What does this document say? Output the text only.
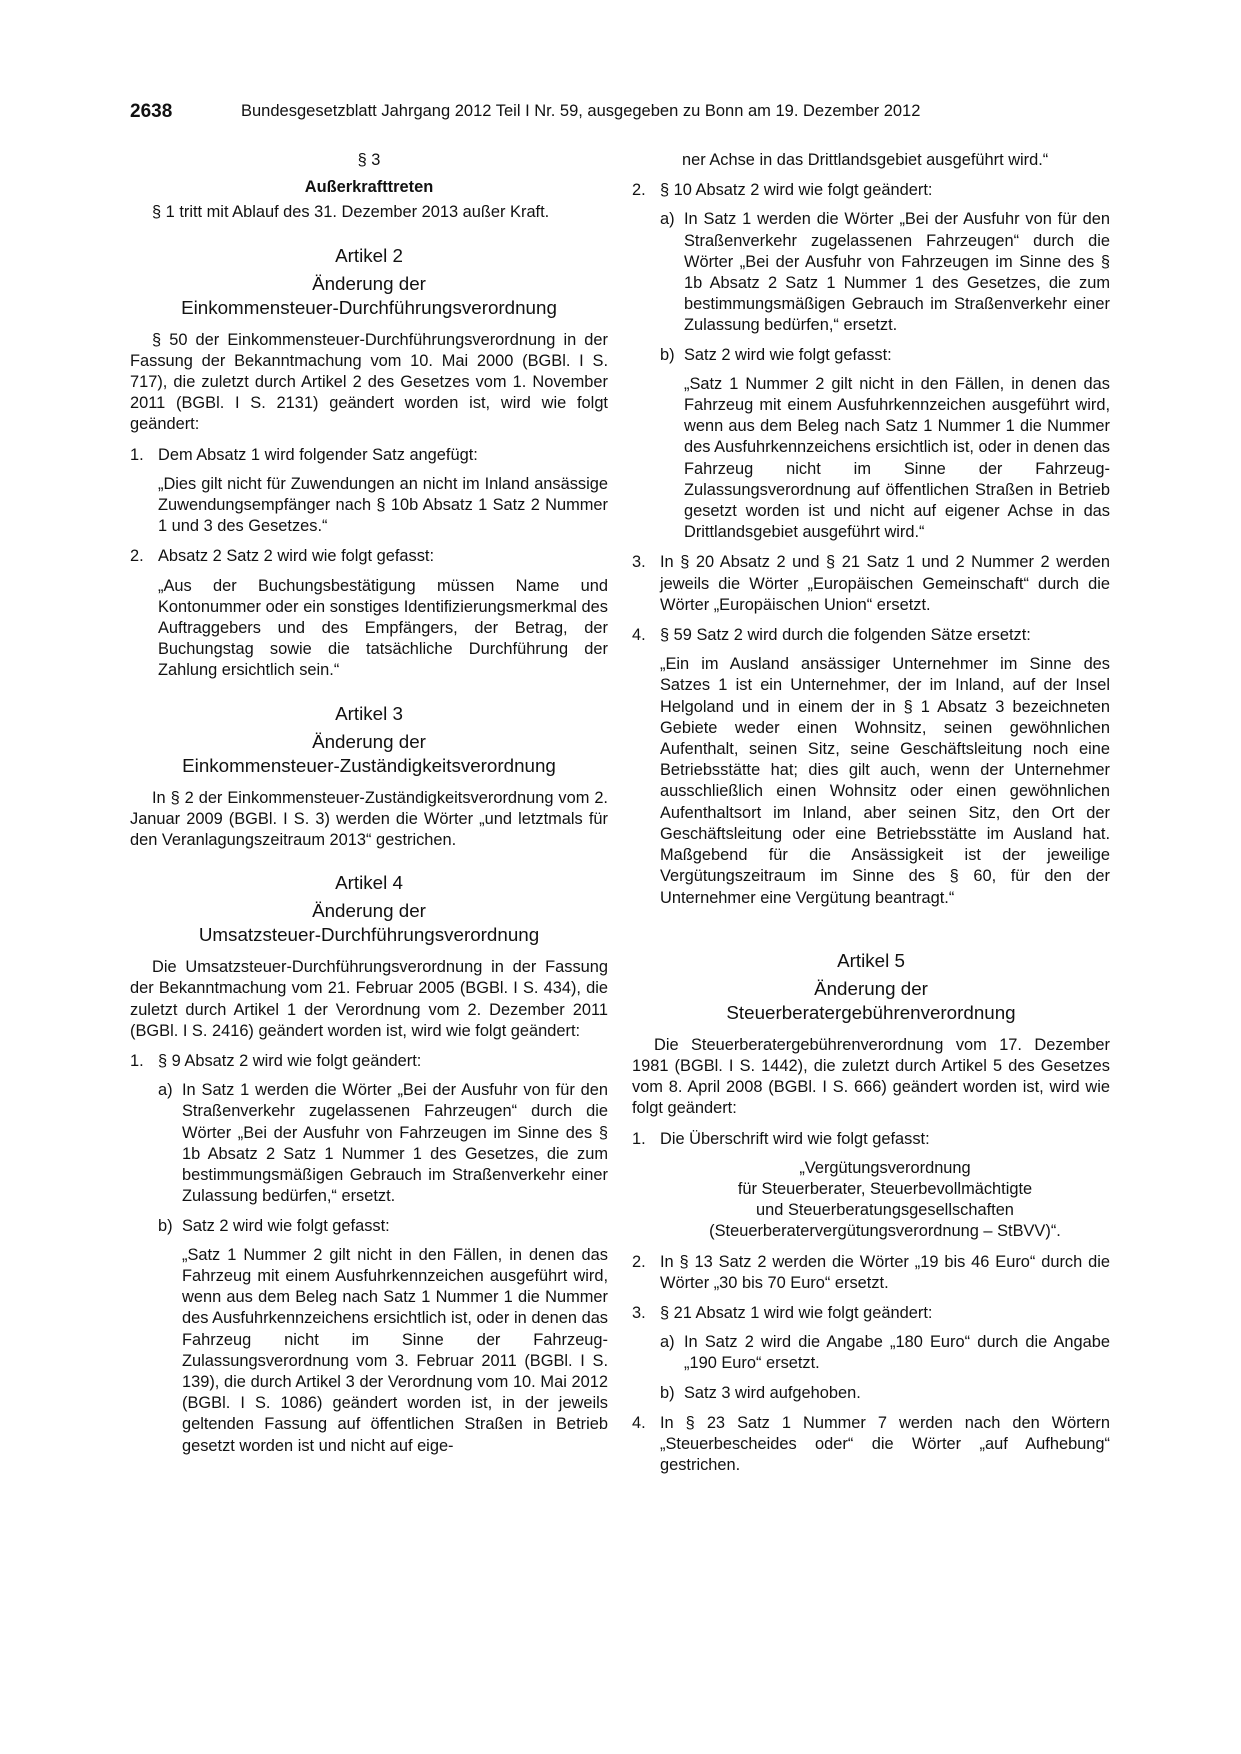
2638	Bundesgesetzblatt Jahrgang 2012 Teil I Nr. 59, ausgegeben zu Bonn am 19. Dezember 2012

§ 3

Außerkrafttreten

§ 1 tritt mit Ablauf des 31. Dezember 2013 außer Kraft.

Artikel 2

Änderung der
Einkommensteuer-Durchführungsverordnung

§ 50 der Einkommensteuer-Durchführungsverordnung in der Fassung der Bekanntmachung vom 10. Mai 2000 (BGBl. I S. 717), die zuletzt durch Artikel 2 des Gesetzes vom 1. November 2011 (BGBl. I S. 2131) geändert worden ist, wird wie folgt geändert:

1. Dem Absatz 1 wird folgender Satz angefügt:

„Dies gilt nicht für Zuwendungen an nicht im Inland ansässige Zuwendungsempfänger nach § 10b Absatz 1 Satz 2 Nummer 1 und 3 des Gesetzes.“

2. Absatz 2 Satz 2 wird wie folgt gefasst:

„Aus der Buchungsbestätigung müssen Name und Kontonummer oder ein sonstiges Identifizierungsmerkmal des Auftraggebers und des Empfängers, der Betrag, der Buchungstag sowie die tatsächliche Durchführung der Zahlung ersichtlich sein.“

Artikel 3

Änderung der
Einkommensteuer-Zuständigkeitsverordnung

In § 2 der Einkommensteuer-Zuständigkeitsverordnung vom 2. Januar 2009 (BGBl. I S. 3) werden die Wörter „und letztmals für den Veranlagungszeitraum 2013“ gestrichen.

Artikel 4

Änderung der
Umsatzsteuer-Durchführungsverordnung

Die Umsatzsteuer-Durchführungsverordnung in der Fassung der Bekanntmachung vom 21. Februar 2005 (BGBl. I S. 434), die zuletzt durch Artikel 1 der Verordnung vom 2. Dezember 2011 (BGBl. I S. 2416) geändert worden ist, wird wie folgt geändert:

1. § 9 Absatz 2 wird wie folgt geändert:

a) In Satz 1 werden die Wörter „Bei der Ausfuhr von für den Straßenverkehr zugelassenen Fahrzeugen“ durch die Wörter „Bei der Ausfuhr von Fahrzeugen im Sinne des § 1b Absatz 2 Satz 1 Nummer 1 des Gesetzes, die zum bestimmungsmäßigen Gebrauch im Straßenverkehr einer Zulassung bedürfen,“ ersetzt.

b) Satz 2 wird wie folgt gefasst:

„Satz 1 Nummer 2 gilt nicht in den Fällen, in denen das Fahrzeug mit einem Ausfuhrkennzeichen ausgeführt wird, wenn aus dem Beleg nach Satz 1 Nummer 1 die Nummer des Ausfuhrkennzeichens ersichtlich ist, oder in denen das Fahrzeug nicht im Sinne der Fahrzeug-Zulassungsverordnung vom 3. Februar 2011 (BGBl. I S. 139), die durch Artikel 3 der Verordnung vom 10. Mai 2012 (BGBl. I S. 1086) geändert worden ist, in der jeweils geltenden Fassung auf öffentlichen Straßen in Betrieb gesetzt worden ist und nicht auf eige-

ner Achse in das Drittlandsgebiet ausgeführt wird.“

2. § 10 Absatz 2 wird wie folgt geändert:

a) In Satz 1 werden die Wörter „Bei der Ausfuhr von für den Straßenverkehr zugelassenen Fahrzeugen“ durch die Wörter „Bei der Ausfuhr von Fahrzeugen im Sinne des § 1b Absatz 2 Satz 1 Nummer 1 des Gesetzes, die zum bestimmungsmäßigen Gebrauch im Straßenverkehr einer Zulassung bedürfen,“ ersetzt.

b) Satz 2 wird wie folgt gefasst:

„Satz 1 Nummer 2 gilt nicht in den Fällen, in denen das Fahrzeug mit einem Ausfuhrkennzeichen ausgeführt wird, wenn aus dem Beleg nach Satz 1 Nummer 1 die Nummer des Ausfuhrkennzeichens ersichtlich ist, oder in denen das Fahrzeug nicht im Sinne der Fahrzeug-Zulassungsverordnung auf öffentlichen Straßen in Betrieb gesetzt worden ist und nicht auf eigener Achse in das Drittlandsgebiet ausgeführt wird.“

3. In § 20 Absatz 2 und § 21 Satz 1 und 2 Nummer 2 werden jeweils die Wörter „Europäischen Gemeinschaft“ durch die Wörter „Europäischen Union“ ersetzt.

4. § 59 Satz 2 wird durch die folgenden Sätze ersetzt:

„Ein im Ausland ansässiger Unternehmer im Sinne des Satzes 1 ist ein Unternehmer, der im Inland, auf der Insel Helgoland und in einem der in § 1 Absatz 3 bezeichneten Gebiete weder einen Wohnsitz, seinen gewöhnlichen Aufenthalt, seinen Sitz, seine Geschäftsleitung noch eine Betriebsstätte hat; dies gilt auch, wenn der Unternehmer ausschließlich einen Wohnsitz oder einen gewöhnlichen Aufenthaltsort im Inland, aber seinen Sitz, den Ort der Geschäftsleitung oder eine Betriebsstätte im Ausland hat. Maßgebend für die Ansässigkeit ist der jeweilige Vergütungszeitraum im Sinne des § 60, für den der Unternehmer eine Vergütung beantragt.“

Artikel 5

Änderung der
Steuerberatergebührenverordnung

Die Steuerberatergebührenverordnung vom 17. Dezember 1981 (BGBl. I S. 1442), die zuletzt durch Artikel 5 des Gesetzes vom 8. April 2008 (BGBl. I S. 666) geändert worden ist, wird wie folgt geändert:

1. Die Überschrift wird wie folgt gefasst:

„Vergütungsverordnung
für Steuerberater, Steuerbevollmächtigte
und Steuerberatungsgesellschaften
(Steuerberatervergütungsverordnung – StBVV)“.
2. In § 13 Satz 2 werden die Wörter „19 bis 46 Euro“ durch die Wörter „30 bis 70 Euro“ ersetzt.

3. § 21 Absatz 1 wird wie folgt geändert:

a) In Satz 2 wird die Angabe „180 Euro“ durch die Angabe „190 Euro“ ersetzt.

b) Satz 3 wird aufgehoben.

4. In § 23 Satz 1 Nummer 7 werden nach den Wörtern „Steuerbescheides oder“ die Wörter „auf Aufhebung“ gestrichen.
